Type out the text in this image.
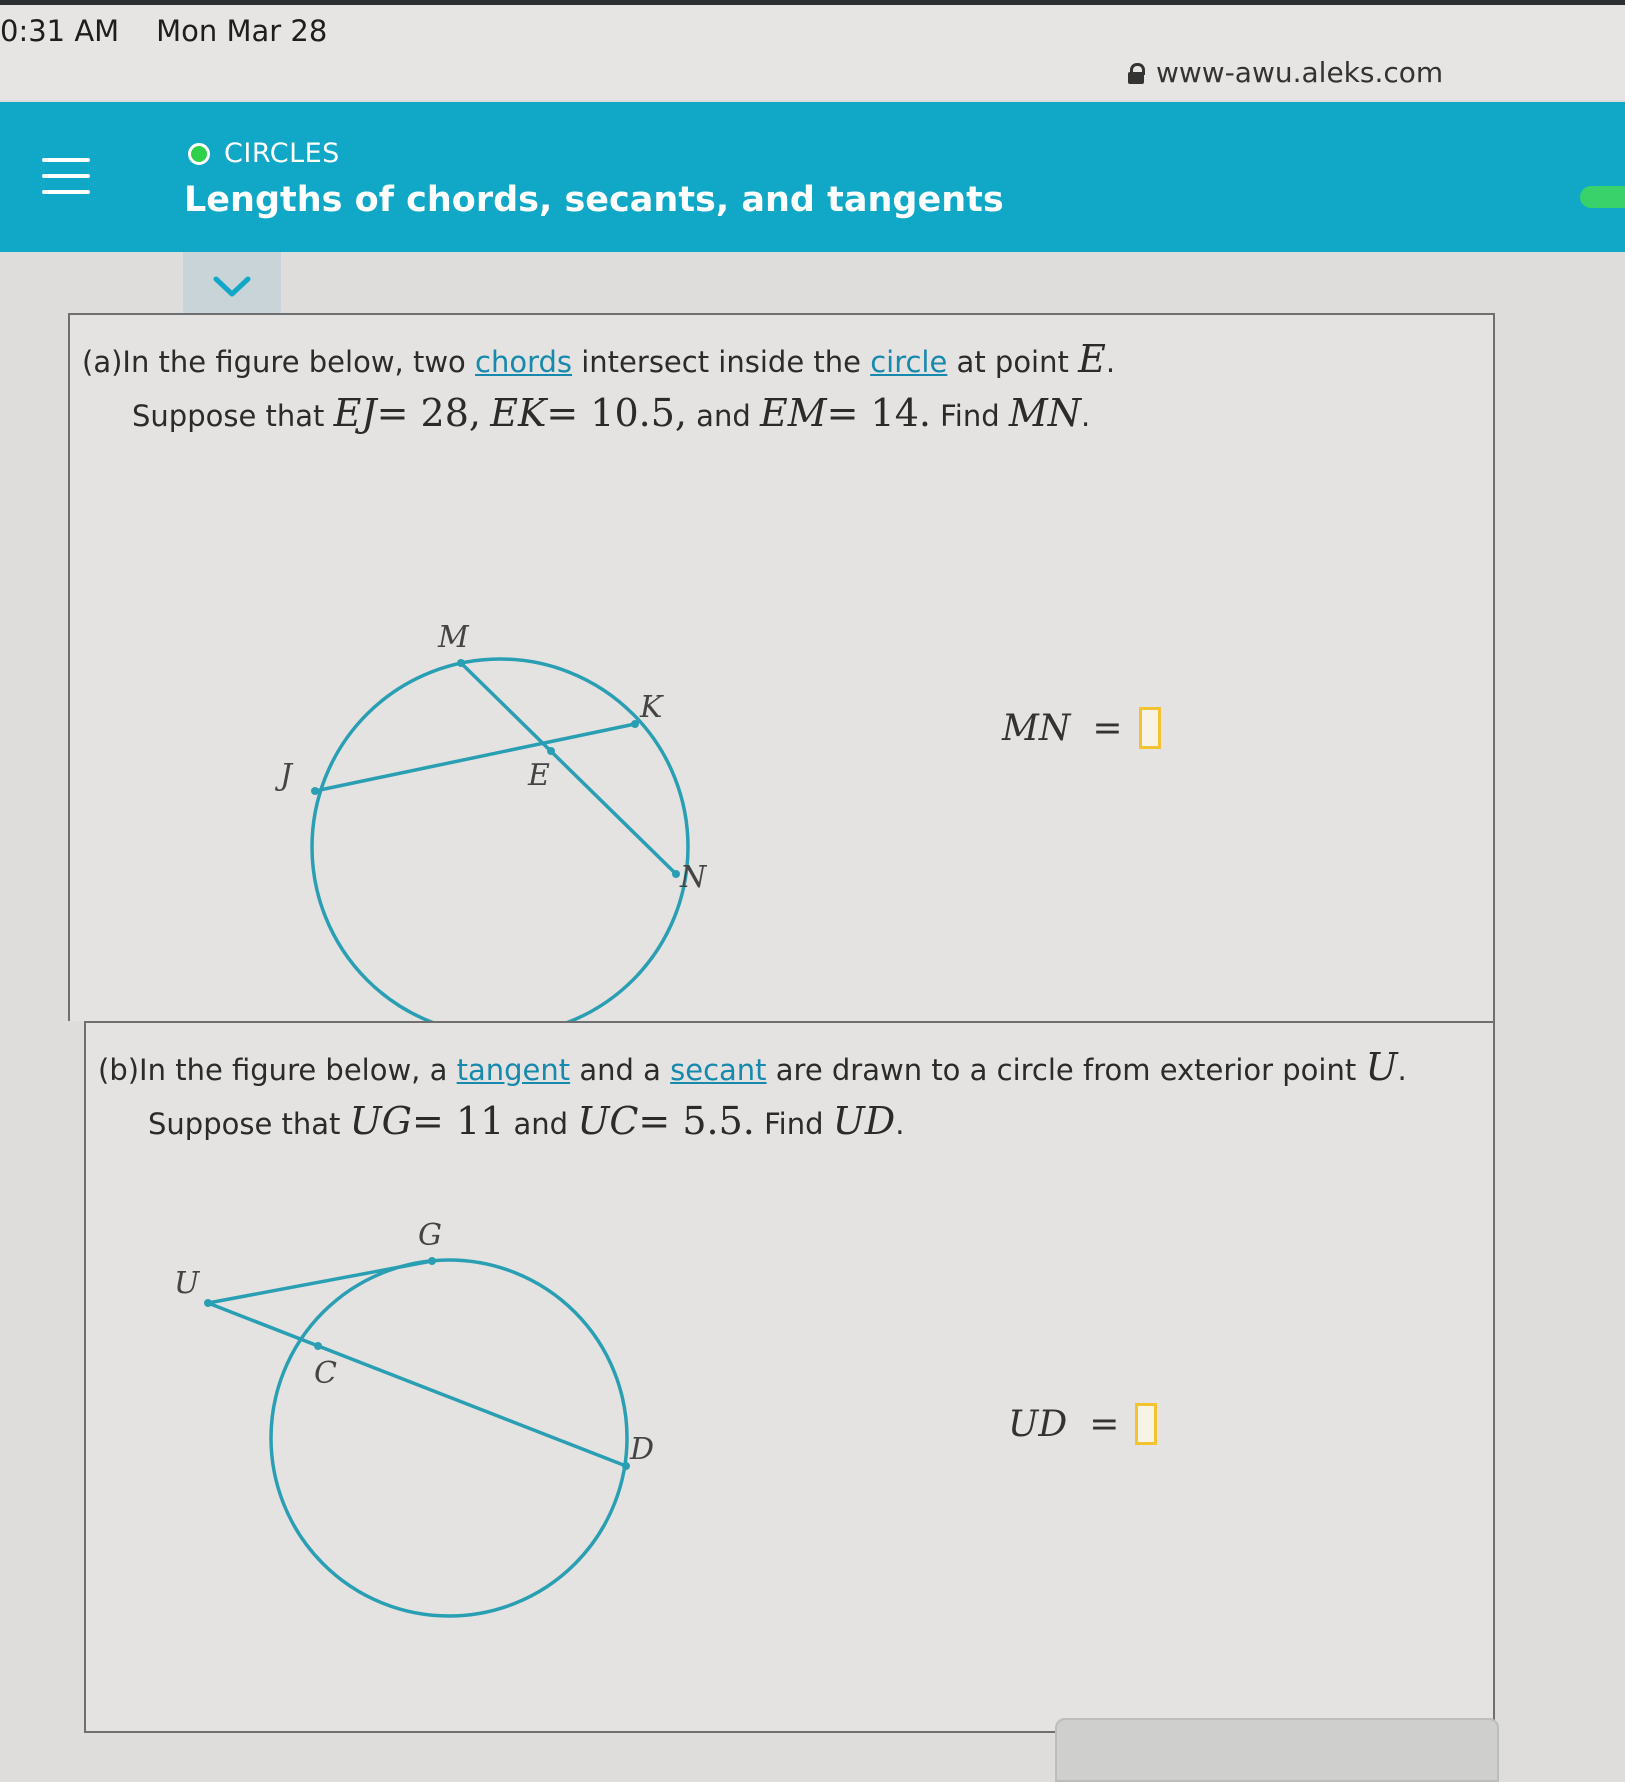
0:31 AM Mon Mar 28
www-awu.aleks.com
CIRCLES
Lengths of chords, secants, and tangents
(a)In the figure below, two chords intersect inside the circle at point E.
Suppose that EJ= 28, EK= 10.5, and EM= 14. Find MN.
M
K
J	E
N
MN =
(b)In the figure below, a tangent and a secant are drawn to a circle from exterior point U.
Suppose that UG= 11 and UC= 5.5. Find UD.
G
U
C
D
UD =
